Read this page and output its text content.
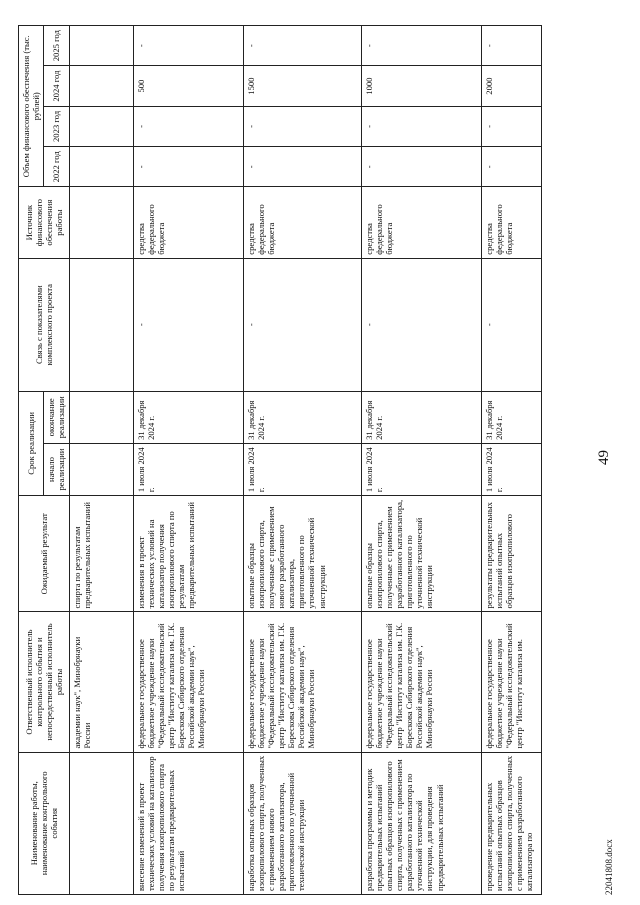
49
22041808.docx
Наименование работы, наименование контрольного события	Ответственный исполнитель контрольного события и непосредственный исполнитель работы	Ожидаемый результат	Срок реализации		Связь с показателями комплексного проекта	Источник финансового обеспечения работы	Объем финансового обеспечения (тыс. рублей)			
			начало реализации	окончание реализации			2022 год	2023 год	2024 год	2025 год
	академии наук", Минобрнауки России	спирта по результатам предварительных испытаний								
внесение изменений в проект технических условий на катализатор получения изопропилового спирта по результатам предварительных испытаний	федеральное государственное бюджетное учреждение науки "Федеральный исследовательский центр "Институт катализа им. Г.К. Борескова Сибирского отделения Российской академии наук", Минобрнауки России	изменения в проект технических условий на катализатор получения изопропилового спирта по результатам предварительных испытаний	1 июля 2024 г.	31 декабря 2024 г.	-	средства федерального бюджета	-	-	500	-
наработка опытных образцов изопропилового спирта, полученных с применением нового разработанного катализатора, приготовленного по уточненной технической инструкции	федеральное государственное бюджетное учреждение науки "Федеральный исследовательский центр "Институт катализа им. Г.К. Борескова Сибирского отделения Российской академии наук", Минобрнауки России	опытные образцы изопропилового спирта, полученные с применением нового разработанного катализатора, приготовленного по уточненной технической инструкции	1 июля 2024 г.	31 декабря 2024 г.	-	средства федерального бюджета	-	-	1500	-
разработка программы и методик предварительных испытаний опытных образцов изопропилового спирта, полученных с применением разработанного катализатора по уточненной технической инструкции, для проведения предварительных испытаний	федеральное государственное бюджетное учреждение науки "Федеральный исследовательский центр "Институт катализа им. Г.К. Борескова Сибирского отделения Российской академии наук", Минобрнауки России	опытные образцы изопропилового спирта, полученные с применением разработанного катализатора, приготовленного по уточненной технической инструкции	1 июля 2024 г.	31 декабря 2024 г.	-	средства федерального бюджета	-	-	1000	-
проведение предварительных испытаний опытных образцов изопропилового спирта, полученных с применением разработанного катализатора по	федеральное государственное бюджетное учреждение науки "Федеральный исследовательский центр "Институт катализа им.	результаты предварительных испытаний опытных образцов изопропилового	1 июля 2024 г.	31 декабря 2024 г.	-	средства федерального бюджета	-	-	2000	-
